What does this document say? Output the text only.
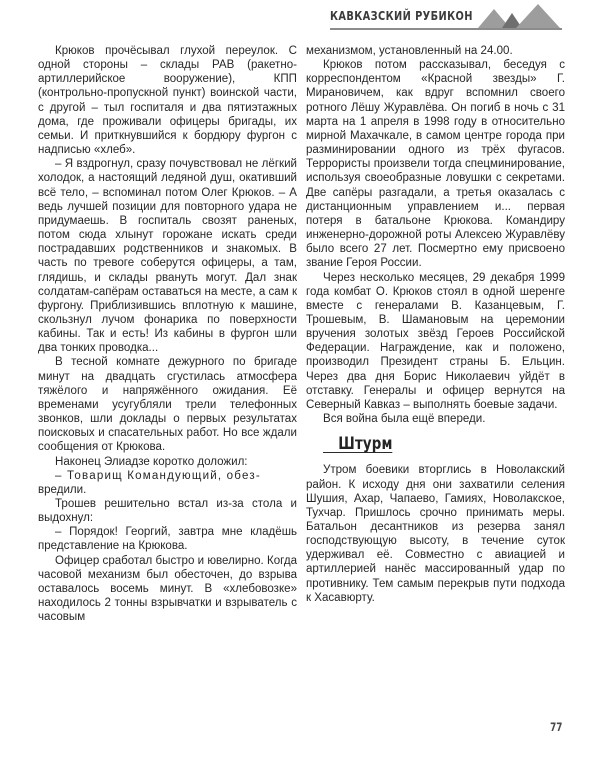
КАВКАЗСКИЙ РУБИКОН

Крюков прочёсывал глухой переулок. С одной стороны – склады РАВ (ракетно-артиллерийское вооружение), КПП (контрольно-пропускной пункт) воинской части, с другой – тыл госпиталя и два пятиэтажных дома, где проживали офицеры бригады, их семьи. И приткнувшийся к бордюру фургон с надписью «хлеб».

– Я вздрогнул, сразу почувствовал не лёгкий холодок, а настоящий ледяной душ, окативший всё тело, – вспоминал потом Олег Крюков. – А ведь лучшей позиции для повторного удара не придумаешь. В госпиталь свозят раненых, потом сюда хлынут горожане искать среди пострадавших родственников и знакомых. В часть по тревоге соберутся офицеры, а там, глядишь, и склады рвануть могут. Дал знак солдатам-сапёрам оставаться на месте, а сам к фургону. Приблизившись вплотную к машине, скользнул лучом фонарика по поверхности кабины. Так и есть! Из кабины в фургон шли два тонких проводка...

В тесной комнате дежурного по бригаде минут на двадцать сгустилась атмосфера тяжёлого и напряжённого ожидания. Её временами усугубляли трели телефонных звонков, шли доклады о первых результатах поисковых и спасательных работ. Но все ждали сообщения от Крюкова.

Наконец Элиадзе коротко доложил:

– Товарищ Командующий, обез-

вредили.

Трошев решительно встал из-за стола и выдохнул:

– Порядок! Георгий, завтра мне кладёшь представление на Крюкова.

Офицер сработал быстро и ювелирно. Когда часовой механизм был обесточен, до взрыва оставалось восемь минут. В «хлебовозке» находилось 2 тонны взрывчатки и взрыватель с часовым

механизмом, установленный на 24.00.

Крюков потом рассказывал, беседуя с корреспондентом «Красной звезды» Г. Мирановичем, как вдруг вспомнил своего ротного Лёшу Журавлёва. Он погиб в ночь с 31 марта на 1 апреля в 1998 году в относительно мирной Махачкале, в самом центре города при разминировании одного из трёх фугасов. Террористы произвели тогда спецминирование, используя своеобразные ловушки с секретами. Две сапёры разгадали, а третья оказалась с дистанционным управлением и... первая потеря в батальоне Крюкова. Командиру инженерно-дорожной роты Алексею Журавлёву было всего 27 лет. Посмертно ему присвоено звание Героя России.

Через несколько месяцев, 29 декабря 1999 года комбат О. Крюков стоял в одной шеренге вместе с генералами В. Казанцевым, Г. Трошевым, В. Шамановым на церемонии вручения золотых звёзд Героев Российской Федерации. Награждение, как и положено, производил Президент страны Б. Ельцин. Через два дня Борис Николаевич уйдёт в отставку. Генералы и офицер вернутся на Северный Кавказ – выполнять боевые задачи.

Вся война была ещё впереди.

Штурм

Утром боевики вторглись в Новолакский район. К исходу дня они захватили селения Шушия, Ахар, Чапаево, Гамиях, Новолакское, Тухчар. Пришлось срочно принимать меры. Батальон десантников из резерва занял господствующую высоту, в течение суток удерживал её. Совместно с авиацией и артиллерией нанёс массированный удар по противнику. Тем самым перекрыв пути подхода к Хасавюрту.

77
